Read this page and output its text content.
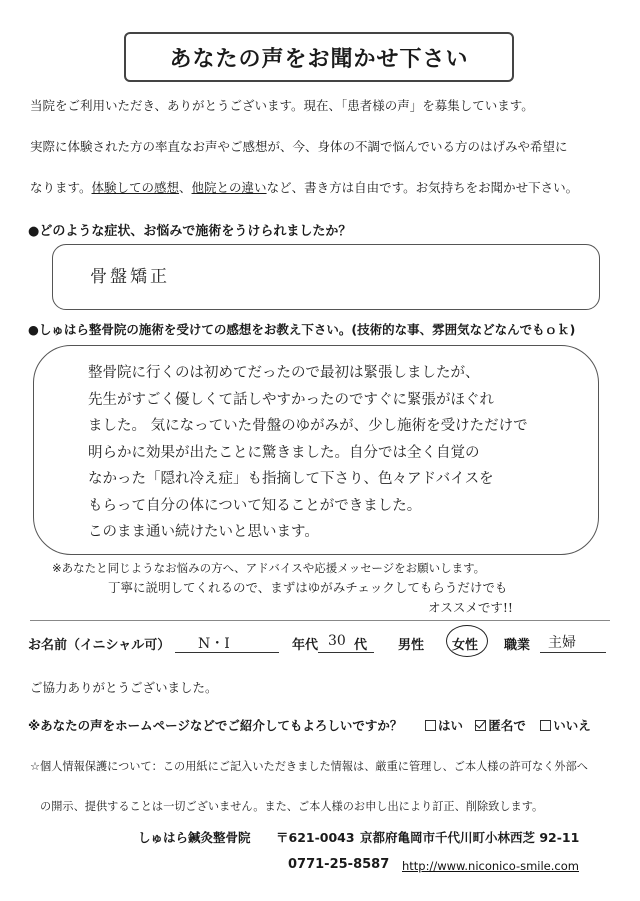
あなたの声をお聞かせ下さい
当院をご利用いただき、ありがとうございます。現在、「患者様の声」を募集しています。
実際に体験された方の率直なお声やご感想が、今、身体の不調で悩んでいる方のはげみや希望に
なります。体験しての感想、他院との違いなど、書き方は自由です。お気持ちをお聞かせ下さい。
●どのような症状、お悩みで施術をうけられましたか？
骨盤矯正
●しゅはら整骨院の施術を受けての感想をお教え下さい。(技術的な事、雰囲気などなんでもｏｋ)
整骨院に行くのは初めてだったので最初は緊張しましたが、
先生がすごく優しくて話しやすかったのですぐに緊張がほぐれ
ました。 気になっていた骨盤のゆがみが、少し施術を受けただけで
明らかに効果が出たことに驚きました。自分では全く自覚の
なかった「隠れ冷え症」も指摘して下さり、色々アドバイスを
もらって自分の体について知ることができました。
このまま通い続けたいと思います。
※あなたと同じようなお悩みの方へ、アドバイスや応援メッセージをお願いします。
丁寧に説明してくれるので、まずはゆがみチェックしてもらうだけでも
オススメです!!
お名前（イニシャル可） N・I	年代 30 代 男性 女性 職業 主婦
ご協力ありがとうございました。
※あなたの声をホームページなどでご紹介してもよろしいですか？	はい 匿名で いいえ
☆個人情報保護について：この用紙にご記入いただきました情報は、厳重に管理し、ご本人様の許可なく外部へ
の開示、提供することは一切ございません。また、ご本人様のお申し出により訂正、削除致します。
しゅはら鍼灸整骨院 〒621-0043 京都府亀岡市千代川町小林西芝 92-11
0771-25-8587 http://www.niconico-smile.com
